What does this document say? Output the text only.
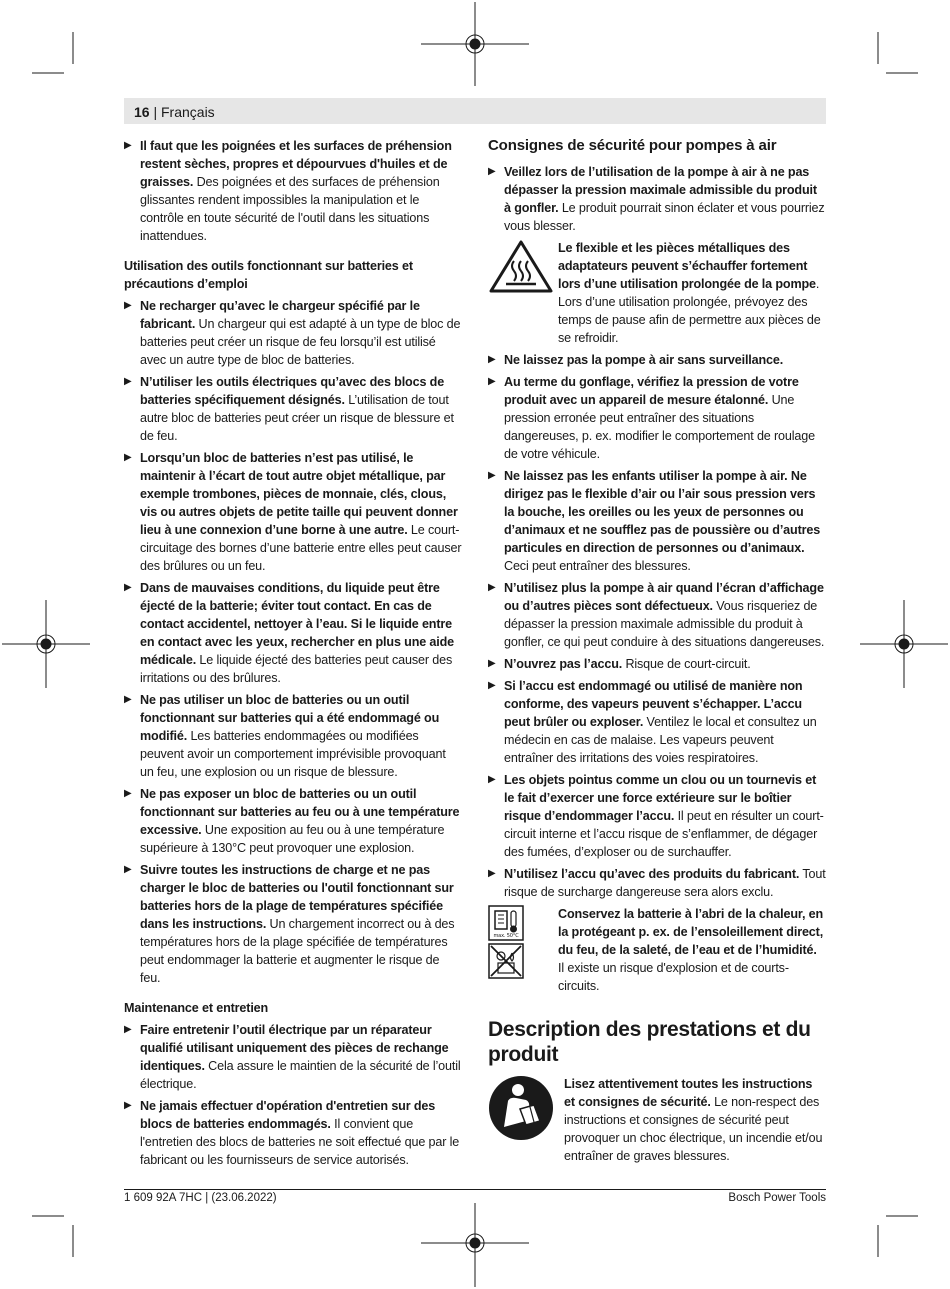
16 | Français
▶ Il faut que les poignées et les surfaces de préhension restent sèches, propres et dépourvues d'huiles et de graisses. Des poignées et des surfaces de préhension glissantes rendent impossibles la manipulation et le contrôle en toute sécurité de l'outil dans les situations inattendues.
Utilisation des outils fonctionnant sur batteries et précautions d’emploi
▶ Ne recharger qu’avec le chargeur spécifié par le fabricant. Un chargeur qui est adapté à un type de bloc de batteries peut créer un risque de feu lorsqu’il est utilisé avec un autre type de bloc de batteries.
▶ N’utiliser les outils électriques qu’avec des blocs de batteries spécifiquement désignés. L’utilisation de tout autre bloc de batteries peut créer un risque de blessure et de feu.
▶ Lorsqu’un bloc de batteries n’est pas utilisé, le maintenir à l’écart de tout autre objet métallique, par exemple trombones, pièces de monnaie, clés, clous, vis ou autres objets de petite taille qui peuvent donner lieu à une connexion d’une borne à une autre. Le court-circuitage des bornes d’une batterie entre elles peut causer des brûlures ou un feu.
▶ Dans de mauvaises conditions, du liquide peut être éjecté de la batterie; éviter tout contact. En cas de contact accidentel, nettoyer à l’eau. Si le liquide entre en contact avec les yeux, rechercher en plus une aide médicale. Le liquide éjecté des batteries peut causer des irritations ou des brûlures.
▶ Ne pas utiliser un bloc de batteries ou un outil fonctionnant sur batteries qui a été endommagé ou modifié. Les batteries endommagées ou modifiées peuvent avoir un comportement imprévisible provoquant un feu, une explosion ou un risque de blessure.
▶ Ne pas exposer un bloc de batteries ou un outil fonctionnant sur batteries au feu ou à une température excessive. Une exposition au feu ou à une température supérieure à 130°C peut provoquer une explosion.
▶ Suivre toutes les instructions de charge et ne pas charger le bloc de batteries ou l'outil fonctionnant sur batteries hors de la plage de températures spécifiée dans les instructions. Un chargement incorrect ou à des températures hors de la plage spécifiée de températures peut endommager la batterie et augmenter le risque de feu.
Maintenance et entretien
▶ Faire entretenir l’outil électrique par un réparateur qualifié utilisant uniquement des pièces de rechange identiques. Cela assure le maintien de la sécurité de l’outil électrique.
▶ Ne jamais effectuer d'opération d'entretien sur des blocs de batteries endommagés. Il convient que l'entretien des blocs de batteries ne soit effectué que par le fabricant ou les fournisseurs de service autorisés.
Consignes de sécurité pour pompes à air
▶ Veillez lors de l’utilisation de la pompe à air à ne pas dépasser la pression maximale admissible du produit à gonfler. Le produit pourrait sinon éclater et vous pourriez vous blesser.
Le flexible et les pièces métalliques des adaptateurs peuvent s’échauffer fortement lors d’une utilisation prolongée de la pompe. Lors d’une utilisation prolongée, prévoyez des temps de pause afin de permettre aux pièces de se refroidir.
▶ Ne laissez pas la pompe à air sans surveillance.
▶ Au terme du gonflage, vérifiez la pression de votre produit avec un appareil de mesure étalonné. Une pression erronée peut entraîner des situations dangereuses, p. ex. modifier le comportement de roulage de votre véhicule.
▶ Ne laissez pas les enfants utiliser la pompe à air. Ne dirigez pas le flexible d’air ou l’air sous pression vers la bouche, les oreilles ou les yeux de personnes ou d’animaux et ne soufflez pas de poussière ou d’autres particules en direction de personnes ou d’animaux. Ceci peut entraîner des blessures.
▶ N’utilisez plus la pompe à air quand l’écran d’affichage ou d’autres pièces sont défectueux. Vous risqueriez de dépasser la pression maximale admissible du produit à gonfler, ce qui peut conduire à des situations dangereuses.
▶ N’ouvrez pas l’accu. Risque de court-circuit.
▶ Si l’accu est endommagé ou utilisé de manière non conforme, des vapeurs peuvent s’échapper. L’accu peut brûler ou exploser. Ventilez le local et consultez un médecin en cas de malaise. Les vapeurs peuvent entraîner des irritations des voies respiratoires.
▶ Les objets pointus comme un clou ou un tournevis et le fait d’exercer une force extérieure sur le boîtier risque d’endommager l’accu. Il peut en résulter un court-circuit interne et l’accu risque de s’enflammer, de dégager des fumées, d’exploser ou de surchauffer.
▶ N’utilisez l’accu qu’avec des produits du fabricant. Tout risque de surcharge dangereuse sera alors exclu.
max. 50°C
Conservez la batterie à l’abri de la chaleur, en la protégeant p. ex. de l’ensoleillement direct, du feu, de la saleté, de l’eau et de l’humidité. Il existe un risque d'explosion et de courts-circuits.
Description des prestations et du produit
Lisez attentivement toutes les instructions et consignes de sécurité. Le non-respect des instructions et consignes de sécurité peut provoquer un choc électrique, un incendie et/ou entraîner de graves blessures.
1 609 92A 7HC | (23.06.2022)	Bosch Power Tools
